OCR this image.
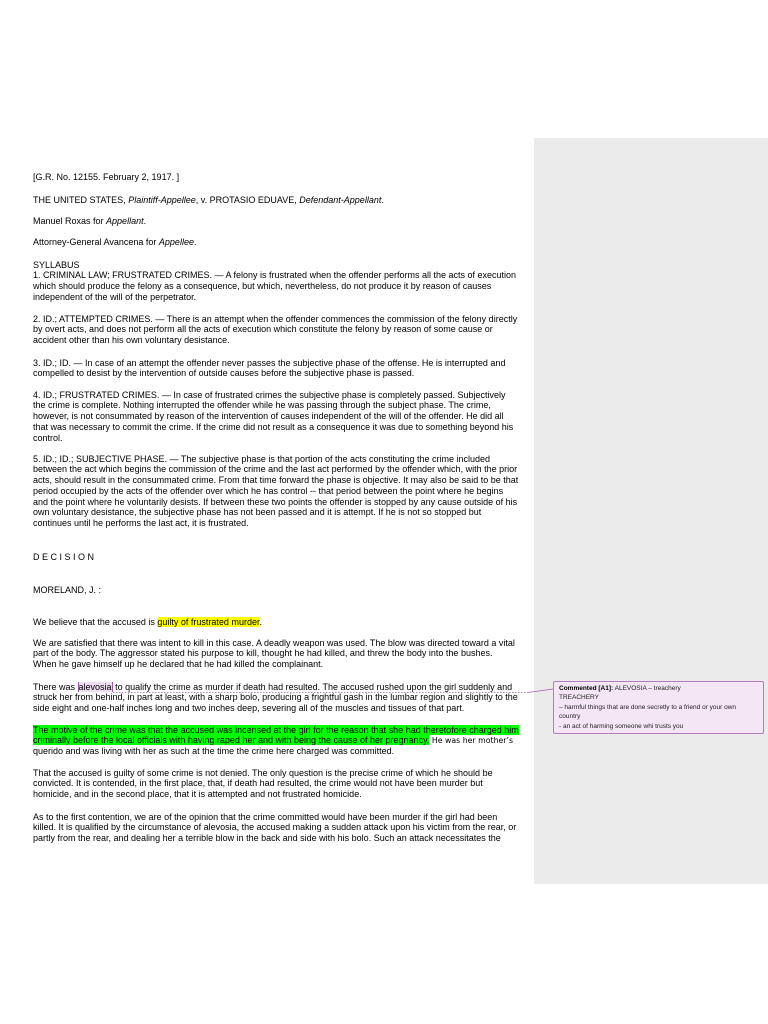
[G.R. No. 12155. February 2, 1917. ]
THE UNITED STATES, Plaintiff-Appellee, v. PROTASIO EDUAVE, Defendant-Appellant.
Manuel Roxas for Appellant.
Attorney-General Avancena for Appellee.
SYLLABUS
1. CRIMINAL LAW; FRUSTRATED CRIMES. — A felony is frustrated when the offender performs all the acts of execution
which should produce the felony as a consequence, but which, nevertheless, do not produce it by reason of causes
independent of the will of the perpetrator.
2. ID.; ATTEMPTED CRIMES. — There is an attempt when the offender commences the commission of the felony directly
by overt acts, and does not perform all the acts of execution which constitute the felony by reason of some cause or
accident other than his own voluntary desistance.
3. ID.; ID. — In case of an attempt the offender never passes the subjective phase of the offense. He is interrupted and
compelled to desist by the intervention of outside causes before the subjective phase is passed.
4. ID.; FRUSTRATED CRIMES. — In case of frustrated crimes the subjective phase is completely passed. Subjectively
the crime is complete. Nothing interrupted the offender while he was passing through the subject phase. The crime,
however, is not consummated by reason of the intervention of causes independent of the will of the offender. He did all
that was necessary to commit the crime. If the crime did not result as a consequence it was due to something beyond his
control.
5. ID.; ID.; SUBJECTIVE PHASE. — The subjective phase is that portion of the acts constituting the crime included
between the act which begins the commission of the crime and the last act performed by the offender which, with the prior
acts, should result in the consummated crime. From that time forward the phase is objective. It may also be said to be that
period occupied by the acts of the offender over which he has control -- that period between the point where he begins
and the point where he voluntarily desists. If between these two points the offender is stopped by any cause outside of his
own voluntary desistance, the subjective phase has not been passed and it is attempt. If he is not so stopped but
continues until he performs the last act, it is frustrated.
D E C I S I O N
MORELAND, J. :
We believe that the accused is guilty of frustrated murder.
We are satisfied that there was intent to kill in this case. A deadly weapon was used. The blow was directed toward a vital
part of the body. The aggressor stated his purpose to kill, thought he had killed, and threw the body into the bushes.
When he gave himself up he declared that he had killed the complainant.
There was alevosia to qualify the crime as murder if death had resulted. The accused rushed upon the girl suddenly and
struck her from behind, in part at least, with a sharp bolo, producing a frightful gash in the lumbar region and slightly to the
side eight and one-half inches long and two inches deep, severing all of the muscles and tissues of that part.
The motive of the crime was that the accused was incensed at the girl for the reason that she had theretofore charged him
criminally before the local officials with having raped her and with being the cause of her pregnancy. He was her mother’s
querido and was living with her as such at the time the crime here charged was committed.
That the accused is guilty of some crime is not denied. The only question is the precise crime of which he should be
convicted. It is contended, in the first place, that, if death had resulted, the crime would not have been murder but
homicide, and in the second place, that it is attempted and not frustrated homicide.
As to the first contention, we are of the opinion that the crime committed would have been murder if the girl had been
killed. It is qualified by the circumstance of alevosia, the accused making a sudden attack upon his victim from the rear, or
partly from the rear, and dealing her a terrible blow in the back and side with his bolo. Such an attack necessitates the
Commented [A1]: ALEVOSIA – treachery
TREACHERY
– harmful things that are done secretly to a friend or your own
country
- an act of harming someone whi trusts you
